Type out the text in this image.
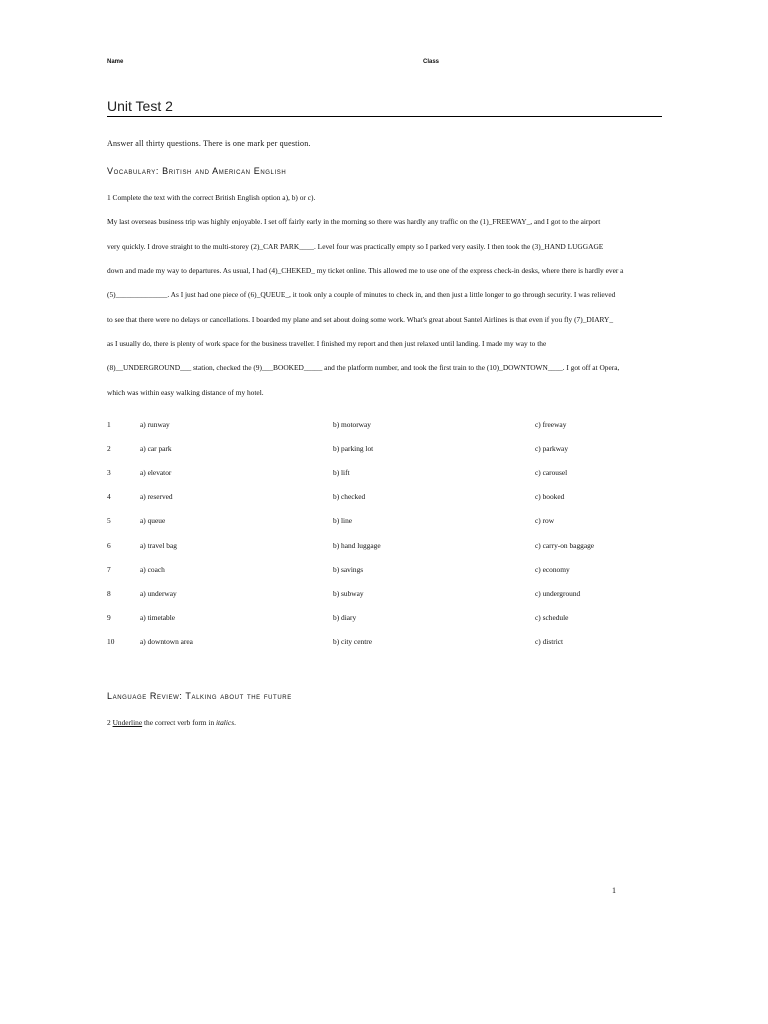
Name	Class
Unit Test 2
Answer all thirty questions. There is one mark per question.
Vocabulary: British and American English
1 Complete the text with the correct British English option a), b) or c).
My last overseas business trip was highly enjoyable. I set off fairly early in the morning so there was hardly any traffic on the (1)_FREEWAY_, and I got to the airport
very quickly. I drove straight to the multi-storey (2)_CAR PARK____. Level four was practically empty so I parked very easily. I then took the (3)_HAND LUGGAGE
down and made my way to departures. As usual, I had (4)_CHEKED_ my ticket online. This allowed me to use one of the express check-in desks, where there is hardly ever a
(5)______________. As I just had one piece of (6)_QUEUE_, it took only a couple of minutes to check in, and then just a little longer to go through security. I was relieved
to see that there were no delays or cancellations. I boarded my plane and set about doing some work. What's great about Santel Airlines is that even if you fly (7)_DIARY_
as I usually do, there is plenty of work space for the business traveller. I finished my report and then just relaxed until landing. I made my way to the
(8)__UNDERGROUND___ station, checked the (9)___BOOKED_____ and the platform number, and took the first train to the (10)_DOWNTOWN____. I got off at Opera,
which was within easy walking distance of my hotel.
1	a) runway	b) motorway	c) freeway
2	a) car park	b) parking lot	c) parkway
3	a) elevator	b) lift	c) carousel
4	a) reserved	b) checked	c) booked
5	a) queue	b) line	c) row
6	a) travel bag	b) hand luggage	c) carry-on baggage
7	a) coach	b) savings	c) economy
8	a) underway	b) subway	c) underground
9	a) timetable	b) diary	c) schedule
10	a) downtown area	b) city centre	c) district
Language Review: Talking about the future
2 Underline the correct verb form in italics.
1
